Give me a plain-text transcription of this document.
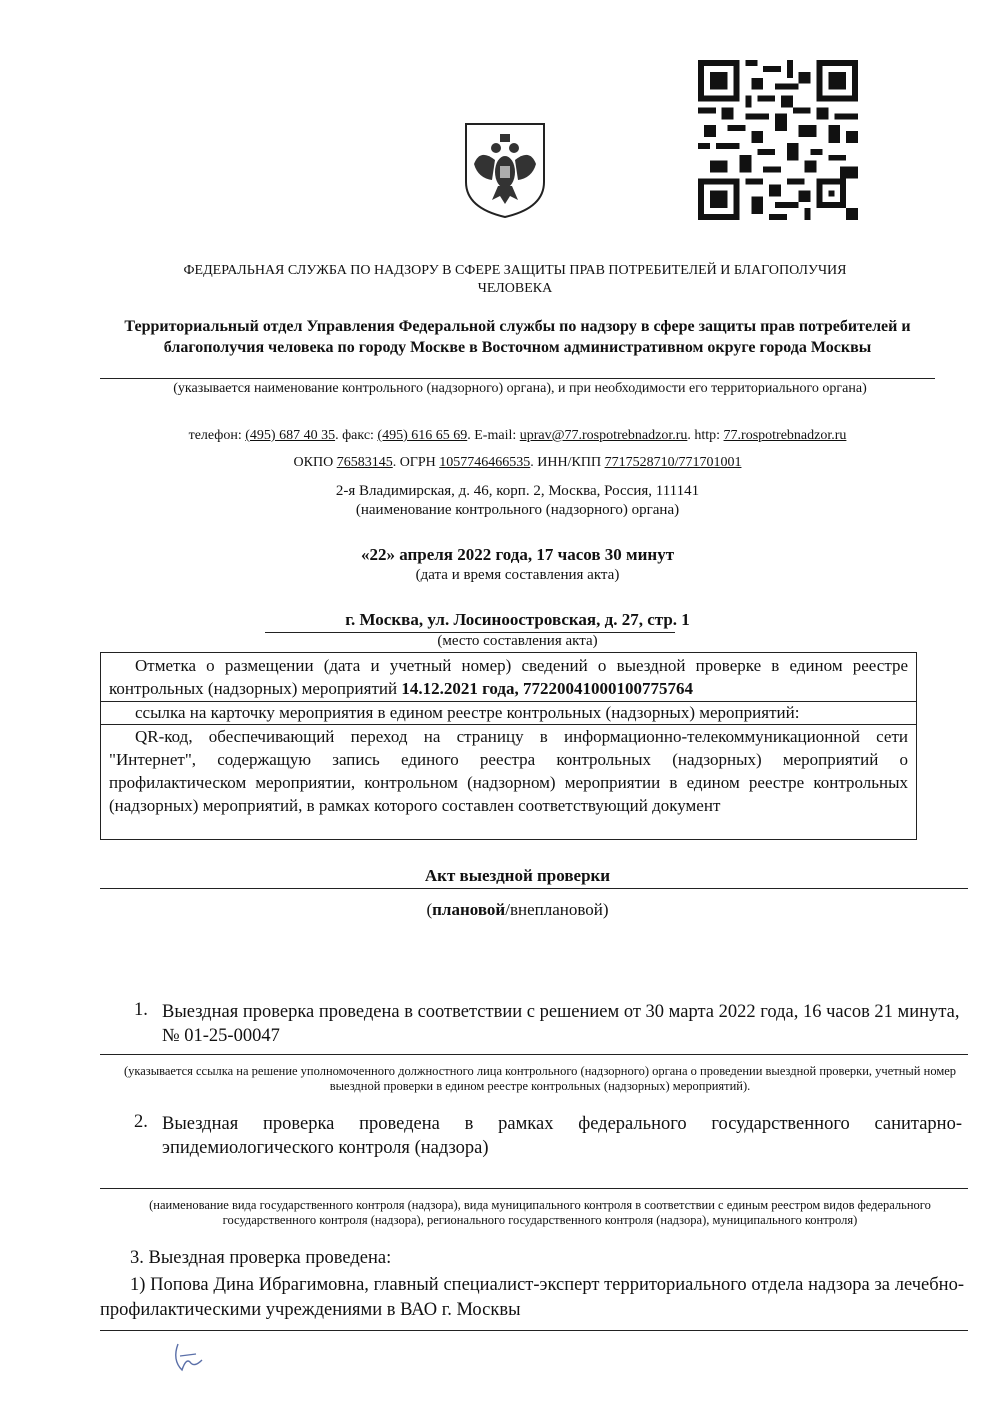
ФЕДЕРАЛЬНАЯ СЛУЖБА ПО НАДЗОРУ В СФЕРЕ ЗАЩИТЫ ПРАВ ПОТРЕБИТЕЛЕЙ И БЛАГОПОЛУЧИЯ ЧЕЛОВЕКА
Территориальный отдел Управления Федеральной службы по надзору в сфере защиты прав потребителей и благополучия человека по городу Москве в Восточном административном округе города Москвы
(указывается наименование контрольного (надзорного) органа), и при необходимости его территориального органа)
телефон: (495) 687 40 35. факс: (495) 616 65 69. E-mail: uprav@77.rospotrebnadzor.ru. http: 77.rospotrebnadzor.ru
ОКПО 76583145. ОГРН 1057746466535. ИНН/КПП 7717528710/771701001
2-я Владимирская, д. 46, корп. 2, Москва, Россия, 111141
(наименование контрольного (надзорного) органа)
«22» апреля 2022 года, 17 часов 30 минут
(дата и время составления акта)
г. Москва, ул. Лосиноостровская, д. 27, стр. 1
(место составления акта)
Отметка о размещении (дата и учетный номер) сведений о выездной проверке в едином реестре контрольных (надзорных) мероприятий 14.12.2021 года, 77220041000100775764
ссылка на карточку мероприятия в едином реестре контрольных (надзорных) мероприятий:
QR-код, обеспечивающий переход на страницу в информационно-телекоммуникационной сети "Интернет", содержащую запись единого реестра контрольных (надзорных) мероприятий о профилактическом мероприятии, контрольном (надзорном) мероприятии в едином реестре контрольных (надзорных) мероприятий, в рамках которого составлен соответствующий документ
Акт выездной проверки
(плановой/внеплановой)
1. Выездная проверка проведена в соответствии с решением от 30 марта 2022 года, 16 часов 21 минута, № 01-25-00047
(указывается ссылка на решение уполномоченного должностного лица контрольного (надзорного) органа о проведении выездной проверки, учетный номер выездной проверки в едином реестре контрольных (надзорных) мероприятий).
2. Выездная проверка проведена в рамках федерального государственного санитарно-эпидемиологического контроля (надзора)
(наименование вида государственного контроля (надзора), вида муниципального контроля в соответствии с единым реестром видов федерального государственного контроля (надзора), регионального государственного контроля (надзора), муниципального контроля)
3. Выездная проверка проведена:
1) Попова Дина Ибрагимовна, главный специалист-эксперт территориального отдела надзора за лечебно-профилактическими учреждениями в ВАО г. Москвы
